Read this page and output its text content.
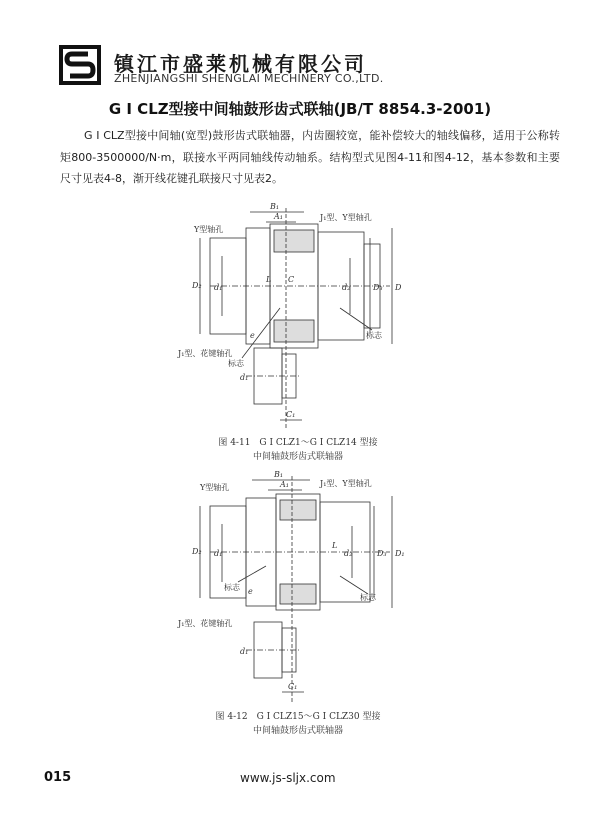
镇江市盛莱机械有限公司
ZHENJIANGSHI SHENGLAI MECHINERY CO.,LTD.
G I CLZ型接中间轴鼓形齿式联轴(JB/T 8854.3-2001)
G I CLZ型接中间轴(宽型)鼓形齿式联轴器，内齿圈较宽，能补偿较大的轴线偏移，适用于公称转矩800-3500000/N·m，联接水平两同轴线传动轴系。结构型式见图4-11和图4-12，基本参数和主要尺寸见表4-8，渐开线花键孔联接尺寸见表2。
B₁
A₁	J₁型、Y型轴孔
Y型轴孔
D₂ d₁
L C
d₂	D₃ D
标志
标志
e
J₁型、花键轴孔
d₁
C₁
图 4-11　G I CLZ1～G I CLZ14 型接
中间轴鼓形齿式联轴器
B₁
A₁
Y型轴孔	J₁型、Y型轴孔
D₂ d₁
L
d₂	D₃ D₁
标志
标志
e
J₁型、花键轴孔
d₁
C₁
图 4-12　G I CLZ15～G I CLZ30 型接
中间轴鼓形齿式联轴器
015	www.js-sljx.com
